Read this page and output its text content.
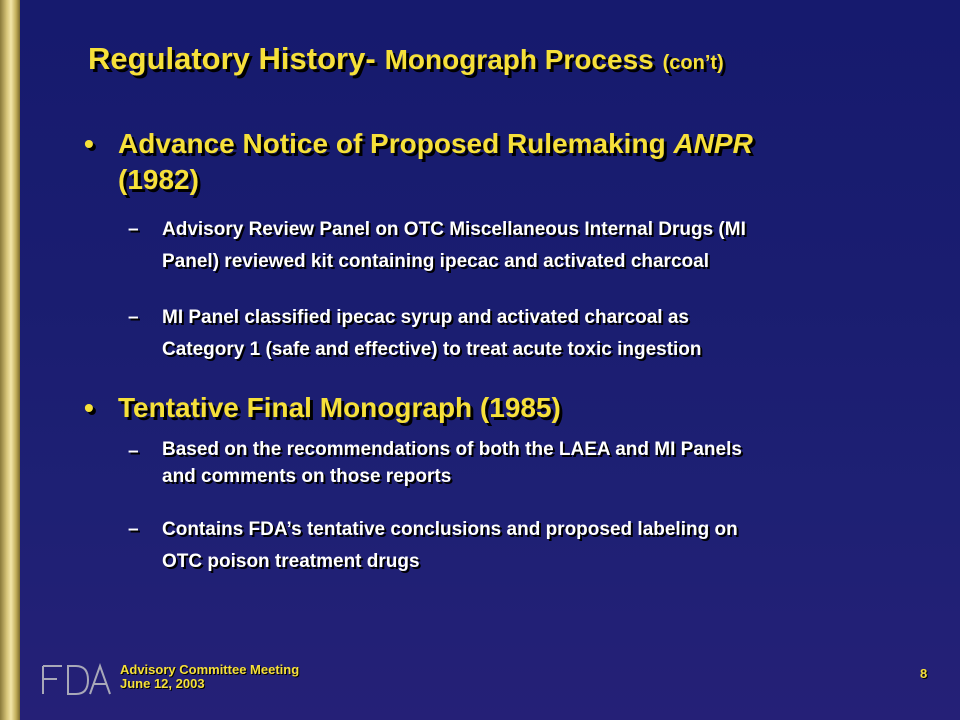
Regulatory History- Monograph Process (con’t)
• Advance Notice of Proposed Rulemaking ANPR
(1982)
– Advisory Review Panel on OTC Miscellaneous Internal Drugs (MI
Panel) reviewed kit containing ipecac and activated charcoal
– MI Panel classified ipecac syrup and activated charcoal as
Category 1 (safe and effective) to treat acute toxic ingestion
• Tentative Final Monograph (1985)
– Based on the recommendations of both the LAEA and MI Panels
and comments on those reports
– Contains FDA’s tentative conclusions and proposed labeling on
OTC poison treatment drugs
Advisory Committee Meeting
June 12, 2003
8
